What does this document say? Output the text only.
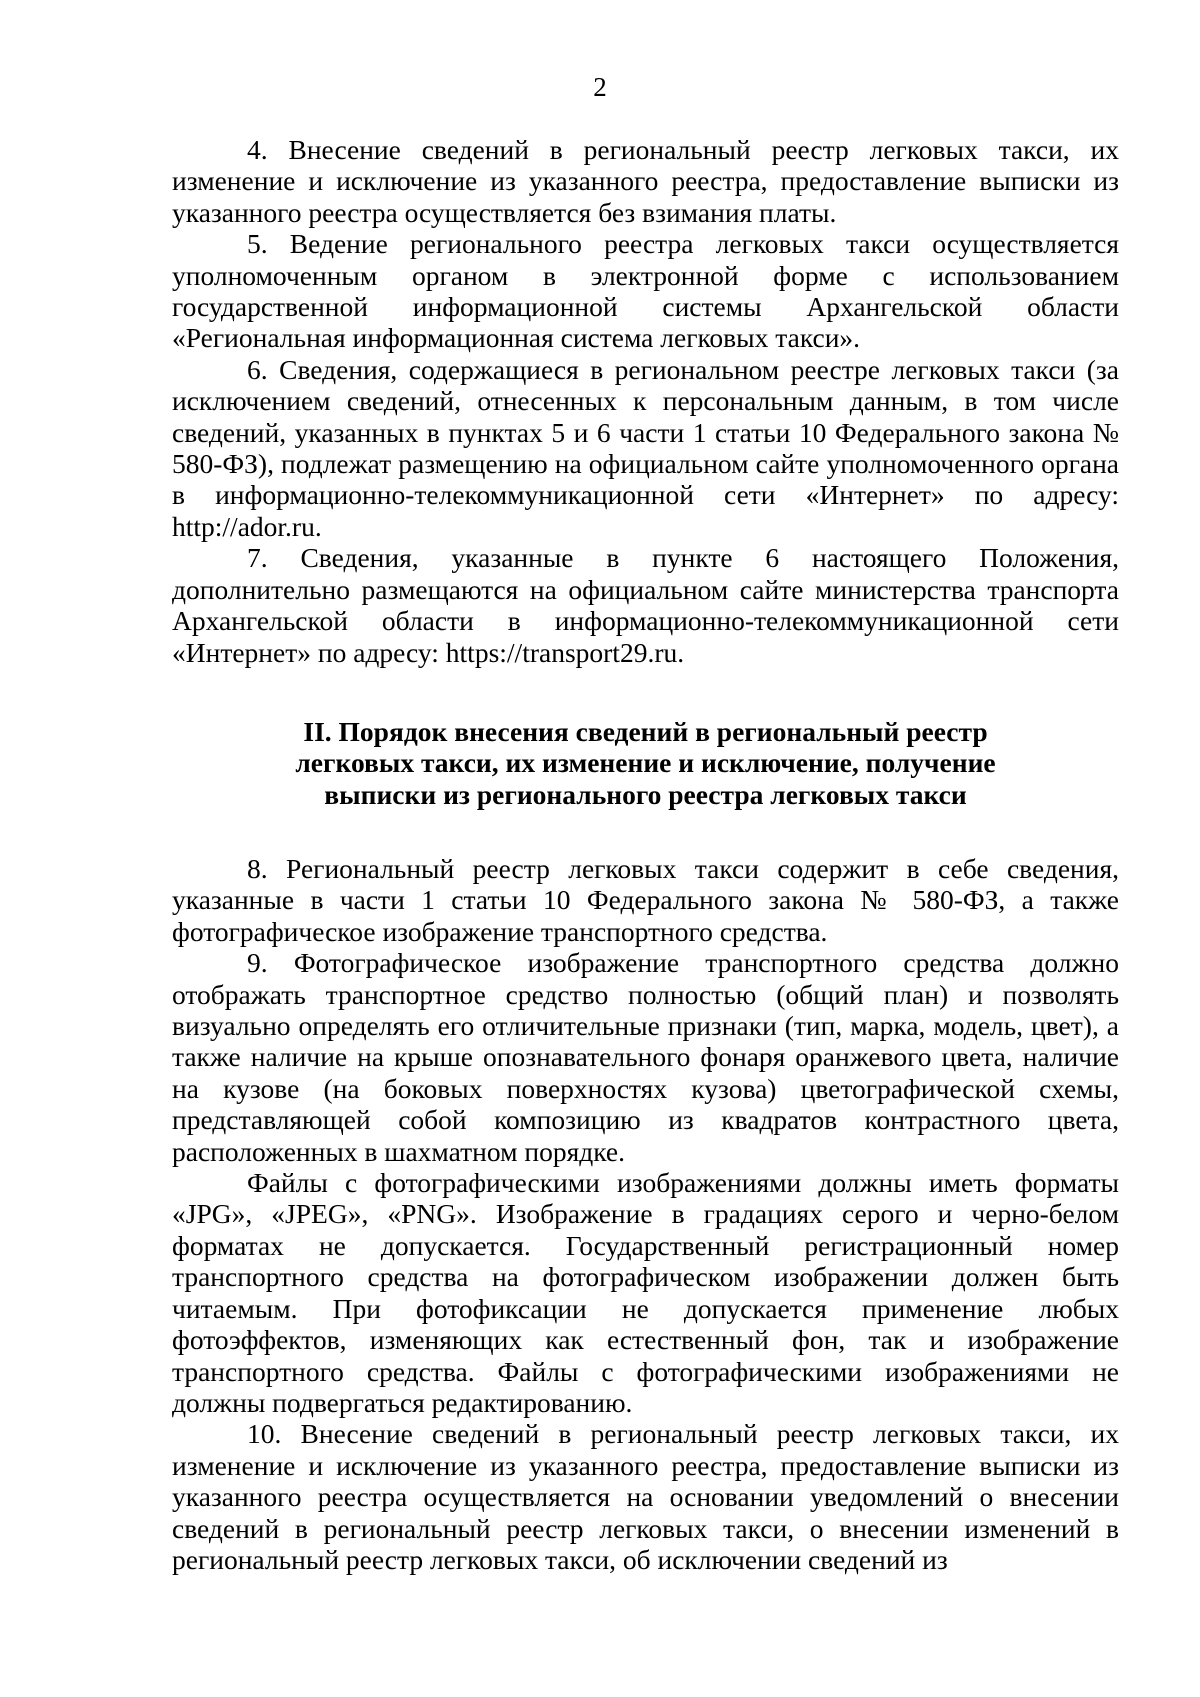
2

4. Внесение сведений в региональный реестр легковых такси, их изменение и исключение из указанного реестра, предоставление выписки из указанного реестра осуществляется без взимания платы.

5. Ведение регионального реестра легковых такси осуществляется уполномоченным органом в электронной форме с использованием государственной информационной системы Архангельской области «Региональная информационная система легковых такси».

6. Сведения, содержащиеся в региональном реестре легковых такси (за исключением сведений, отнесенных к персональным данным, в том числе сведений, указанных в пунктах 5 и 6 части 1 статьи 10 Федерального закона № 580-ФЗ), подлежат размещению на официальном сайте уполномоченного органа в информационно-телекоммуникационной сети «Интернет» по адресу: http://ador.ru.

7. Сведения, указанные в пункте 6 настоящего Положения, дополнительно размещаются на официальном сайте министерства транспорта Архангельской области в информационно-телекоммуникационной сети «Интернет» по адресу: https://transport29.ru.

II. Порядок внесения сведений в региональный реестр
легковых такси, их изменение и исключение, получение
выписки из регионального реестра легковых такси

8. Региональный реестр легковых такси содержит в себе сведения, указанные в части 1 статьи 10 Федерального закона № 580-ФЗ, а также фотографическое изображение транспортного средства.

9. Фотографическое изображение транспортного средства должно отображать транспортное средство полностью (общий план) и позволять визуально определять его отличительные признаки (тип, марка, модель, цвет), а также наличие на крыше опознавательного фонаря оранжевого цвета, наличие на кузове (на боковых поверхностях кузова) цветографической схемы, представляющей собой композицию из квадратов контрастного цвета, расположенных в шахматном порядке.

Файлы с фотографическими изображениями должны иметь форматы «JPG», «JPEG», «PNG». Изображение в градациях серого и черно-белом форматах не допускается. Государственный регистрационный номер транспортного средства на фотографическом изображении должен быть читаемым. При фотофиксации не допускается применение любых фотоэффектов, изменяющих как естественный фон, так и изображение транспортного средства. Файлы с фотографическими изображениями не должны подвергаться редактированию.

10. Внесение сведений в региональный реестр легковых такси, их изменение и исключение из указанного реестра, предоставление выписки из указанного реестра осуществляется на основании уведомлений о внесении сведений в региональный реестр легковых такси, о внесении изменений в региональный реестр легковых такси, об исключении сведений из
